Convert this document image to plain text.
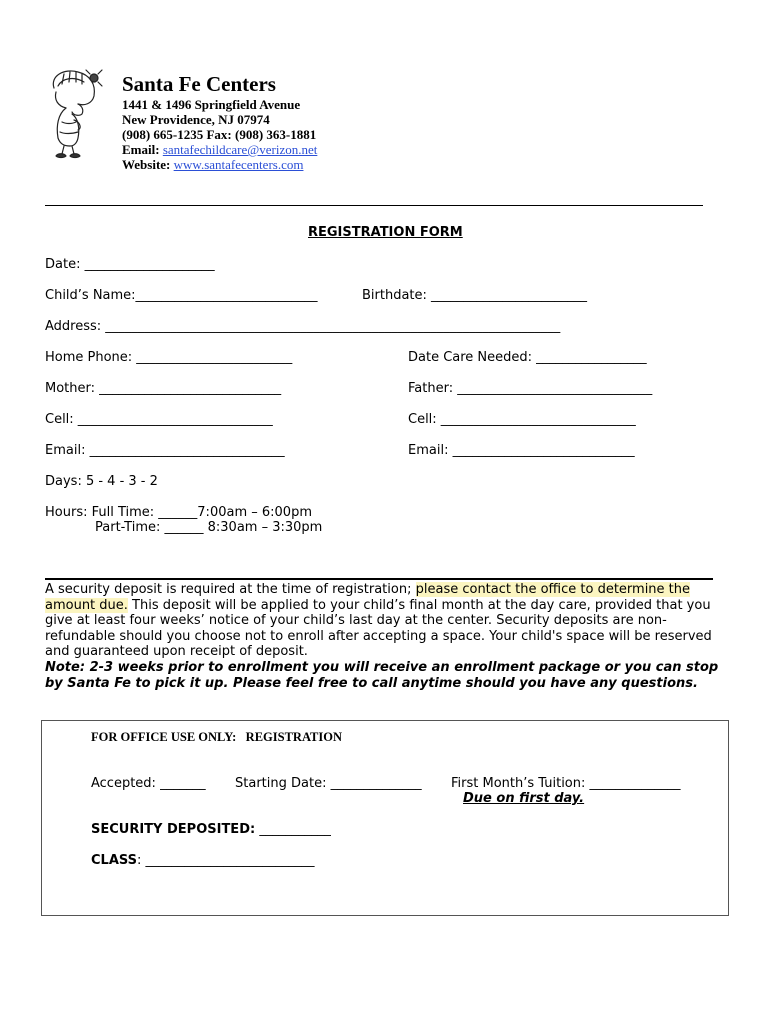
Santa Fe Centers
1441 & 1496 Springfield Avenue
New Providence, NJ 07974
(908) 665-1235 Fax: (908) 363-1881
Email: santafechildcare@verizon.net
Website: www.santafecenters.com
REGISTRATION FORM
Date: ____________________
Child’s Name:____________________________	Birthdate: ________________________
Address: ______________________________________________________________________
Home Phone: ________________________	Date Care Needed: _________________
Mother: ____________________________	Father: ______________________________
Cell: ______________________________	Cell: ______________________________
Email: ______________________________	Email: ____________________________
Days: 5 - 4 - 3 - 2
Hours: Full Time: ______7:00am – 6:00pm
Part-Time: ______ 8:30am – 3:30pm
A security deposit is required at the time of registration; please contact the office to determine the amount due. This deposit will be applied to your child’s final month at the day care, provided that you give at least four weeks’ notice of your child’s last day at the center. Security deposits are non-refundable should you choose not to enroll after accepting a space. Your child's space will be reserved and guaranteed upon receipt of deposit.
Note: 2-3 weeks prior to enrollment you will receive an enrollment package or you can stop by Santa Fe to pick it up. Please feel free to call anytime should you have any questions.
FOR OFFICE USE ONLY: REGISTRATION
Accepted: _______ Starting Date: ______________ First Month’s Tuition: ______________
Due on first day.
SECURITY DEPOSITED: ___________
CLASS: __________________________
